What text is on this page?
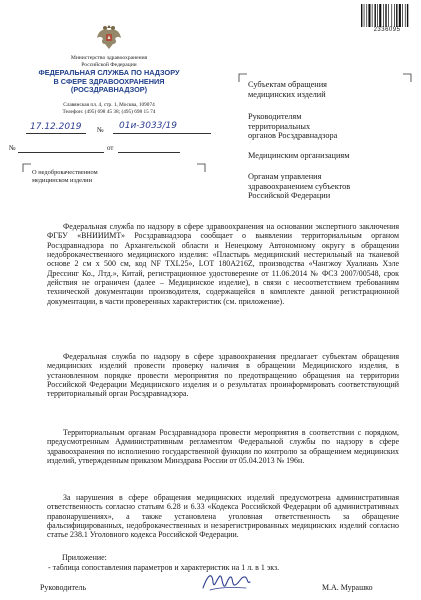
Министерство здравоохранения
Российской Федерации
ФЕДЕРАЛЬНАЯ СЛУЖБА ПО НАДЗОРУ
В СФЕРЕ ЗДРАВООХРАНЕНИЯ
(РОСЗДРАВНАДЗОР)
Славянская пл. 4, стр. 1, Москва, 109074
Телефон: (495) 698 45 38; (495) 698 15 74
17.12.2019	01и-3033/19
№
№	от
О недоброкачественном
медицинском изделии
2336095
Субъектам обращения
медицинских изделий
Руководителям
территориальных
органов Росздравнадзора
Медицинским организациям
Органам управления
здравоохранением субъектов
Российской Федерации

Федеральная служба по надзору в сфере здравоохранения на основании экспертного заключения ФГБУ «ВНИИИМТ» Росздравнадзора сообщает о выявлении территориальным органом Росздравнадзора по Архангельской области и Ненецкому Автономному округу в обращении недоброкачественного медицинского изделия: «Пластырь медицинский нестерильный на тканевой основе 2 см х 500 см, код NF TXL25», LOT 180A216Z, производства «Чангжоу Хуалиань Хэле Дрессинг Ко., Лтд.», Китай, регистрационное удостоверение от 11.06.2014 № ФСЗ 2007/00548, срок действия не ограничен (далее – Медицинское изделие), в связи с несоответствием требованиям технической документации производителя, содержащейся в комплекте данной регистрационной документации, в части проверенных характеристик (см. приложение).

Федеральная служба по надзору в сфере здравоохранения предлагает субъектам обращения медицинских изделий провести проверку наличия в обращении Медицинского изделия, в установленном порядке провести мероприятия по предотвращению обращения на территории Российской Федерации Медицинского изделия и о результатах проинформировать соответствующий территориальный орган Росздравнадзора.

Территориальным органам Росздравнадзора провести мероприятия в соответствии с порядком, предусмотренным Административным регламентом Федеральной службы по надзору в сфере здравоохранения по исполнению государственной функции по контролю за обращением медицинских изделий, утвержденным приказом Минздрава России от 05.04.2013 № 196н.

За нарушения в сфере обращения медицинских изделий предусмотрена административная ответственность согласно статьям 6.28 и 6.33 «Кодекса Российской Федерации об административных правонарушениях», а также установлена уголовная ответственность за обращение фальсифицированных, недоброкачественных и незарегистрированных медицинских изделий согласно статье 238.1 Уголовного кодекса Российской Федерации.

Приложение:
- таблица сопоставления параметров и характеристик на 1 л. в 1 экз.
Руководитель	М.А. Мурашко
